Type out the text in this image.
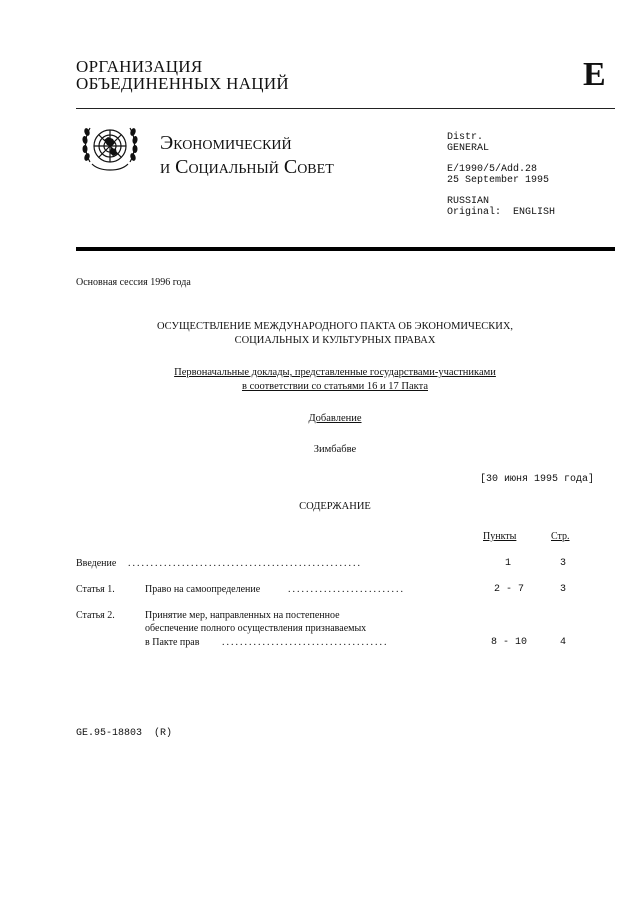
ОРГАНИЗАЦИЯ
ОБЪЕДИНЕННЫХ НАЦИЙ	E
Экономический
и Социальный Совет
Distr.
GENERAL
E/1990/5/Add.28
25 September 1995
RUSSIAN
Original:  ENGLISH
Основная сессия 1996 года
ОСУЩЕСТВЛЕНИЕ МЕЖДУНАРОДНОГО ПАКТА ОБ ЭКОНОМИЧЕСКИХ,
СОЦИАЛЬНЫХ И КУЛЬТУРНЫХ ПРАВАХ
Первоначальные доклады, представленные государствами-участниками
в соответствии со статьями 16 и 17 Пакта
Добавление
Зимбабве
[30 июня 1995 года]
СОДЕРЖАНИЕ
Пункты	Стр.
Введение ....................................................	1	3
Статья 1.	Право на самоопределение	..........................	2 - 7	3
Статья 2.	Принятие мер, направленных на постепенное
обеспечение полного осуществления признаваемых
в Пакте прав .....................................	8 - 10	4
GE.95-18803  (R)
